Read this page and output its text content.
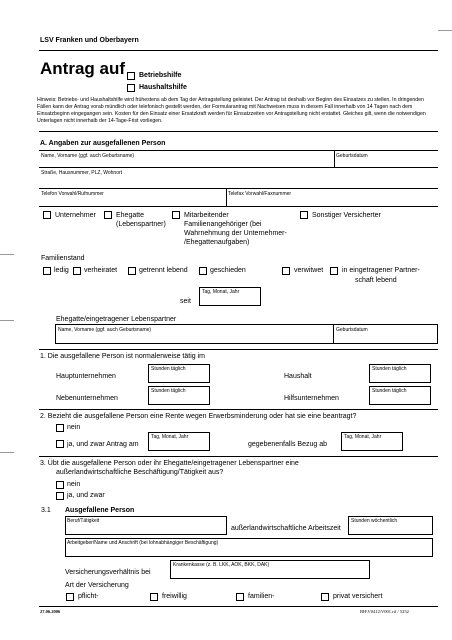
LSV Franken und Oberbayern
Antrag auf Betriebshilfe
Haushaltshilfe
Hinweis: Betriebs- und Haushaltshilfe wird frühestens ab dem Tag der Antragstellung geleistet. Der Antrag ist deshalb vor Beginn des Einsatzes zu stellen. In dringenden Fällen kann der Antrag vorab mündlich oder telefonisch gestellt werden, der Formularantrag mit Nachweisen muss in diesem Fall innerhalb von 14 Tagen nach dem Einsatzbeginn eingegangen sein. Kosten für den Einsatz einer Ersatzkraft werden für Einsatzzeiten vor Antragstellung nicht erstattet. Gleiches gilt, wenn die notwendigen Unterlagen nicht innerhalb der 14-Tage-Frist vorliegen.
A. Angaben zur ausgefallenen Person
Name, Vorname (ggf. auch Geburtsname)	Geburtsdatum
Straße, Hausnummer, PLZ, Wohnort
Telefon Vorwahl/Rufnummer	Telefax Vorwahl/Faxnummer
Unternehmer	Ehegatte
(Lebenspartner)
Mitarbeitender
Familienangehöriger (bei
Wahrnehmung der Unternehmer-
/Ehegattenaufgaben)
Sonstiger Versicherter
Familienstand
ledig verheiratet	getrennt lebend	geschieden	verwitwet	in eingetragener Partner-
schaft lebend
seit
Tag, Monat, Jahr
Ehegatte/eingetragener Lebenspartner
Name, Vorname (ggf. auch Geburtsname)	Geburtsdatum
1. Die ausgefallene Person ist normalerweise tätig im
Hauptunternehmen
Stunden täglich
Haushalt
Stunden täglich
Nebenunternehmen
Stunden täglich
Hilfsunternehmen
Stunden täglich
2. Bezieht die ausgefallene Person eine Rente wegen Erwerbsminderung oder hat sie eine beantragt?
nein
ja, und zwar Antrag am
Tag, Monat, Jahr
gegebenenfalls Bezug ab
Tag, Monat, Jahr
3. Übt die ausgefallene Person oder ihr Ehegatte/eingetragener Lebenspartner eine
außerlandwirtschaftliche Beschäftigung/Tätigkeit aus?
nein
ja, und zwar
3.1 Ausgefallene Person
Beruf/Tätigkeit
außerlandwirtschaftliche Arbeitszeit
Stunden wöchentlich
Arbeitgeber/Name und Anschrift (bei lohnabhängiger Beschäftigung)
Versicherungsverhältnis bei
Krankenkasse (z. B. LKK, AOK, BKK, DAK)
Art der Versicherung
pflicht-	freiwillig	familien-	privat versichert
27.06.2006	BH\V0412\V001.rtf / 5252
